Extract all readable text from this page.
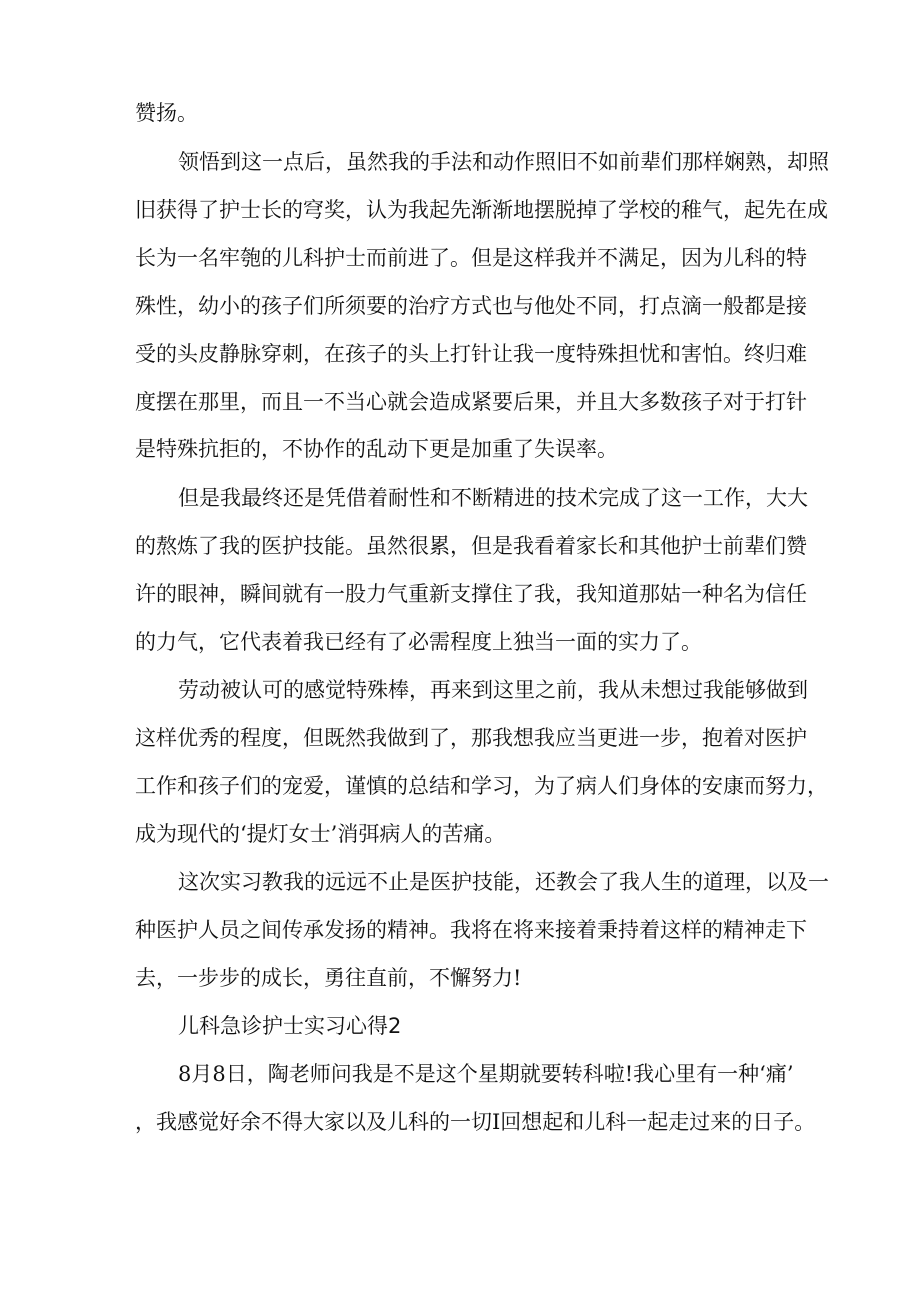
赞扬。
领悟到这一点后，虽然我的手法和动作照旧不如前辈们那样娴熟，却照
旧获得了护士长的穹奖，认为我起先渐渐地摆脱掉了学校的稚气，起先在成
长为一名牢匏的儿科护士而前进了。但是这样我并不满足，因为儿科的特
殊性，幼小的孩子们所须要的治疗方式也与他处不同，打点滴一般都是接
受的头皮静脉穿刺，在孩子的头上打针让我一度特殊担忧和害怕。终归难
度摆在那里，而且一不当心就会造成紧要后果，并且大多数孩子对于打针
是特殊抗拒的，不协作的乱动下更是加重了失误率。
但是我最终还是凭借着耐性和不断精进的技术完成了这一工作，大大
的熬炼了我的医护技能。虽然很累，但是我看着家长和其他护士前辈们赞
许的眼神，瞬间就有一股力气重新支撑住了我，我知道那姑一种名为信任
的力气，它代表着我已经有了必需程度上独当一面的实力了。
劳动被认可的感觉特殊棒，再来到这里之前，我从未想过我能够做到
这样优秀的程度，但既然我做到了，那我想我应当更进一步，抱着对医护
工作和孩子们的宠爱，谨慎的总结和学习，为了病人们身体的安康而努力，
成为现代的‘提灯女士’消弭病人的苦痛。
这次实习教我的远远不止是医护技能，还教会了我人生的道理，以及一
种医护人员之间传承发扬的精神。我将在将来接着秉持着这样的精神走下
去，一步步的成长，勇往直前，不懈努力!
儿科急诊护士实习心得2
8月8日，陶老师问我是不是这个星期就要转科啦!我心里有一种‘痛’
，我感觉好余不得大家以及儿科的一切I回想起和儿科一起走过来的日子。
